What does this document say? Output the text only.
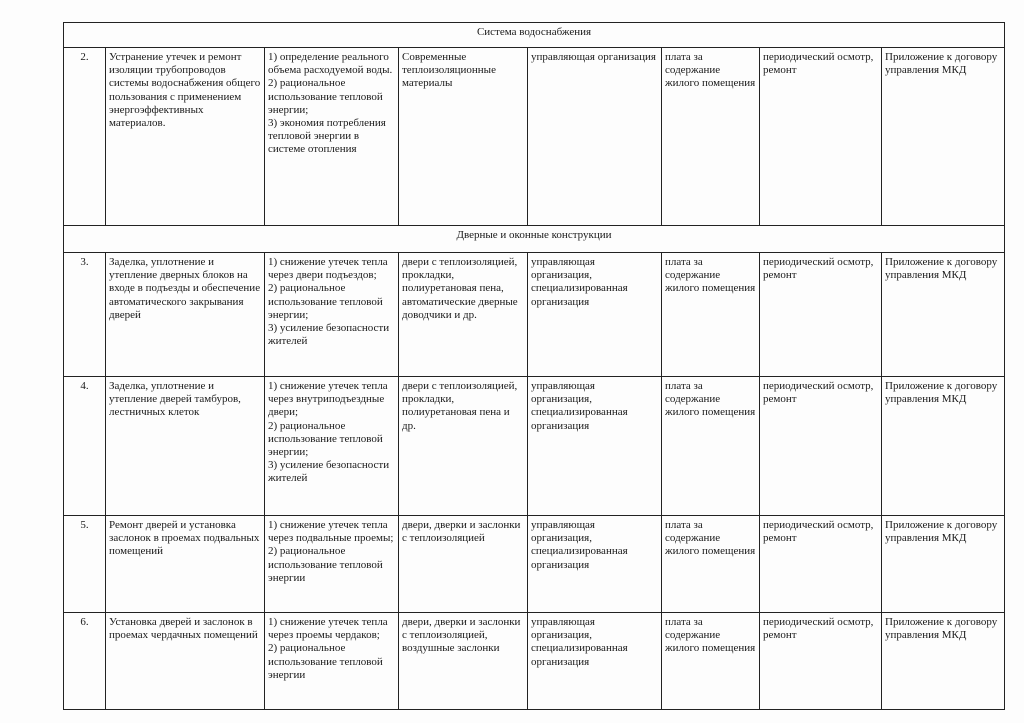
Система водоснабжения							
2.	Устранение утечек и ремонт изоляции трубопроводов системы водоснабжения общего пользования с применением энергоэффективных материалов.	1) определение реального объема расходуемой воды.
2) рациональное использование тепловой энергии;
3) экономия потребления тепловой энергии в системе отопления	Современные теплоизоляционные материалы	управляющая организация	плата за содержание жилого помещения	периодический осмотр, ремонт	Приложение к договору управления МКД

Дверные и оконные конструкции							
3.	Заделка, уплотнение и утепление дверных блоков на входе в подъезды и обеспечение автоматического закрывания дверей	1) снижение утечек тепла через двери подъездов;
2) рациональное использование тепловой энергии;
3) усиление безопасности жителей	двери с теплоизоляцией, прокладки, полиуретановая пена, автоматические дверные доводчики и др.	управляющая организация, специализированная организация	плата за содержание жилого помещения	периодический осмотр, ремонт	Приложение к договору управления МКД

4.	Заделка, уплотнение и утепление дверей тамбуров, лестничных клеток	1) снижение утечек тепла через внутриподъездные двери;
2) рациональное использование тепловой энергии;
3) усиление безопасности жителей	двери с теплоизоляцией, прокладки, полиуретановая пена и др.	управляющая организация, специализированная организация	плата за содержание жилого помещения	периодический осмотр, ремонт	Приложение к договору управления МКД

5.	Ремонт дверей и установка заслонок в проемах подвальных помещений	1) снижение утечек тепла через подвальные проемы;
2) рациональное использование тепловой энергии	двери, дверки и заслонки с теплоизоляцией	управляющая организация, специализированная организация	плата за содержание жилого помещения	периодический осмотр, ремонт	Приложение к договору управления МКД

6.	Установка дверей и заслонок в проемах чердачных помещений	1) снижение утечек тепла через проемы чердаков;
2) рациональное использование тепловой энергии	двери, дверки и заслонки с теплоизоляцией, воздушные заслонки	управляющая организация, специализированная организация	плата за содержание жилого помещения	периодический осмотр, ремонт	Приложение к договору управления МКД
